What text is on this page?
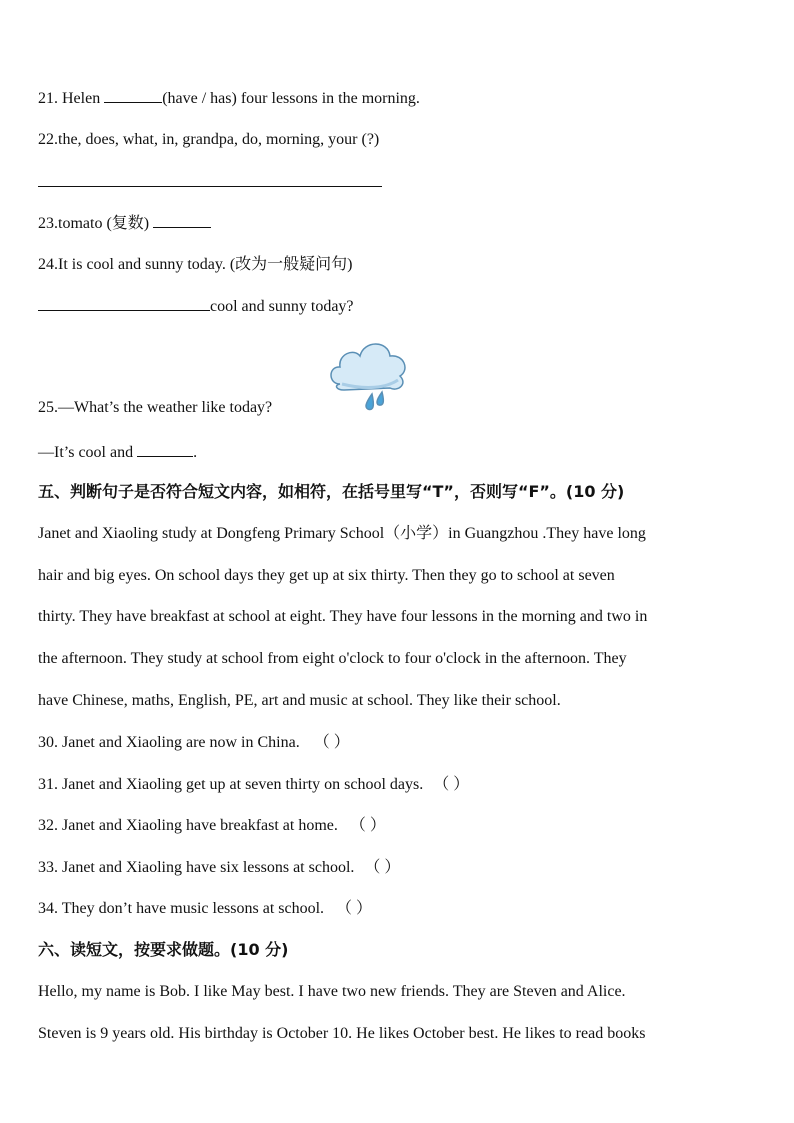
21. Helen	(have / has) four lessons in the morning.
22.the, does, what, in, grandpa, do, morning, your (?)
23.tomato (复数)
24.It is cool and sunny today. (改为一般疑问句)
cool and sunny today?
25.—What’s the weather like today?
—It’s cool and	.
五、判断句子是否符合短文内容，如相符，在括号里写“T”，否则写“F”。(10 分)
Janet and Xiaoling study at Dongfeng Primary School（小学）in Guangzhou .They have long
hair and big eyes. On school days they get up at six thirty. Then they go to school at seven
thirty. They have breakfast at school at eight. They have four lessons in the morning and two in
the afternoon. They study at school from eight o'clock to four o'clock in the afternoon. They
have Chinese, maths, English, PE, art and music at school. They like their school.
30. Janet and Xiaoling are now in China. （ ）
31. Janet and Xiaoling get up at seven thirty on school days. （ ）
32. Janet and Xiaoling have breakfast at home. （ ）
33. Janet and Xiaoling have six lessons at school. （ ）
34. They don’t have music lessons at school. （ ）
六、读短文，按要求做题。(10 分)
Hello, my name is Bob. I like May best. I have two new friends. They are Steven and Alice.
Steven is 9 years old. His birthday is October 10. He likes October best. He likes to read books
